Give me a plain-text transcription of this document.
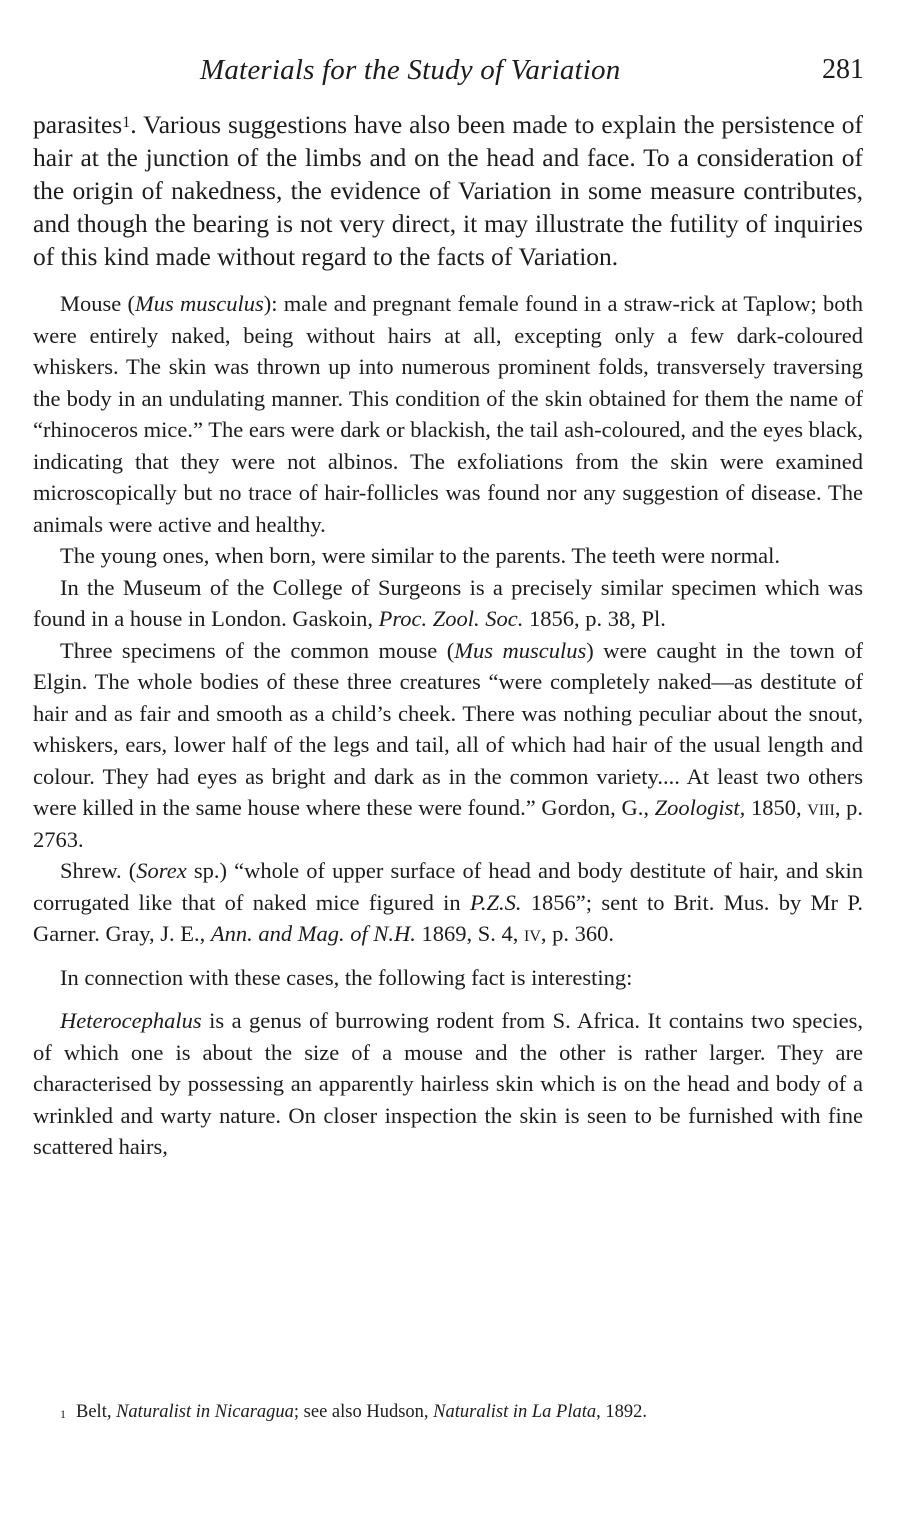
Materials for the Study of Variation	281

parasites$^1$. Various suggestions have also been made to explain the persistence of hair at the junction of the limbs and on the head and face. To a consideration of the origin of nakedness, the evidence of Variation in some measure contributes, and though the bearing is not very direct, it may illustrate the futility of inquiries of this kind made without regard to the facts of Variation.

Mouse (Mus musculus): male and pregnant female found in a straw-rick at Taplow; both were entirely naked, being without hairs at all, excepting only a few dark-coloured whiskers. The skin was thrown up into numerous prominent folds, transversely traversing the body in an undulating manner. This condition of the skin obtained for them the name of “rhinoceros mice.” The ears were dark or blackish, the tail ash-coloured, and the eyes black, indicating that they were not albinos. The exfoliations from the skin were examined microscopically but no trace of hair-follicles was found nor any suggestion of disease. The animals were active and healthy.

The young ones, when born, were similar to the parents. The teeth were normal.

In the Museum of the College of Surgeons is a precisely similar specimen which was found in a house in London. Gaskoin, Proc. Zool. Soc. 1856, p. 38, Pl.

Three specimens of the common mouse (Mus musculus) were caught in the town of Elgin. The whole bodies of these three creatures “were completely naked—as destitute of hair and as fair and smooth as a child’s cheek. There was nothing peculiar about the snout, whiskers, ears, lower half of the legs and tail, all of which had hair of the usual length and colour. They had eyes as bright and dark as in the common variety.... At least two others were killed in the same house where these were found.” Gordon, G., Zoologist, 1850, viii, p. 2763.

Shrew. (Sorex sp.) “whole of upper surface of head and body destitute of hair, and skin corrugated like that of naked mice figured in P.Z.S. 1856”; sent to Brit. Mus. by Mr P. Garner. Gray, J. E., Ann. and Mag. of N.H. 1869, S. 4, iv, p. 360.

In connection with these cases, the following fact is interesting:

Heterocephalus is a genus of burrowing rodent from S. Africa. It contains two species, of which one is about the size of a mouse and the other is rather larger. They are characterised by possessing an apparently hairless skin which is on the head and body of a wrinkled and warty nature. On closer inspection the skin is seen to be furnished with fine scattered hairs,

$^1$ Belt, Naturalist in Nicaragua; see also Hudson, Naturalist in La Plata, 1892.
